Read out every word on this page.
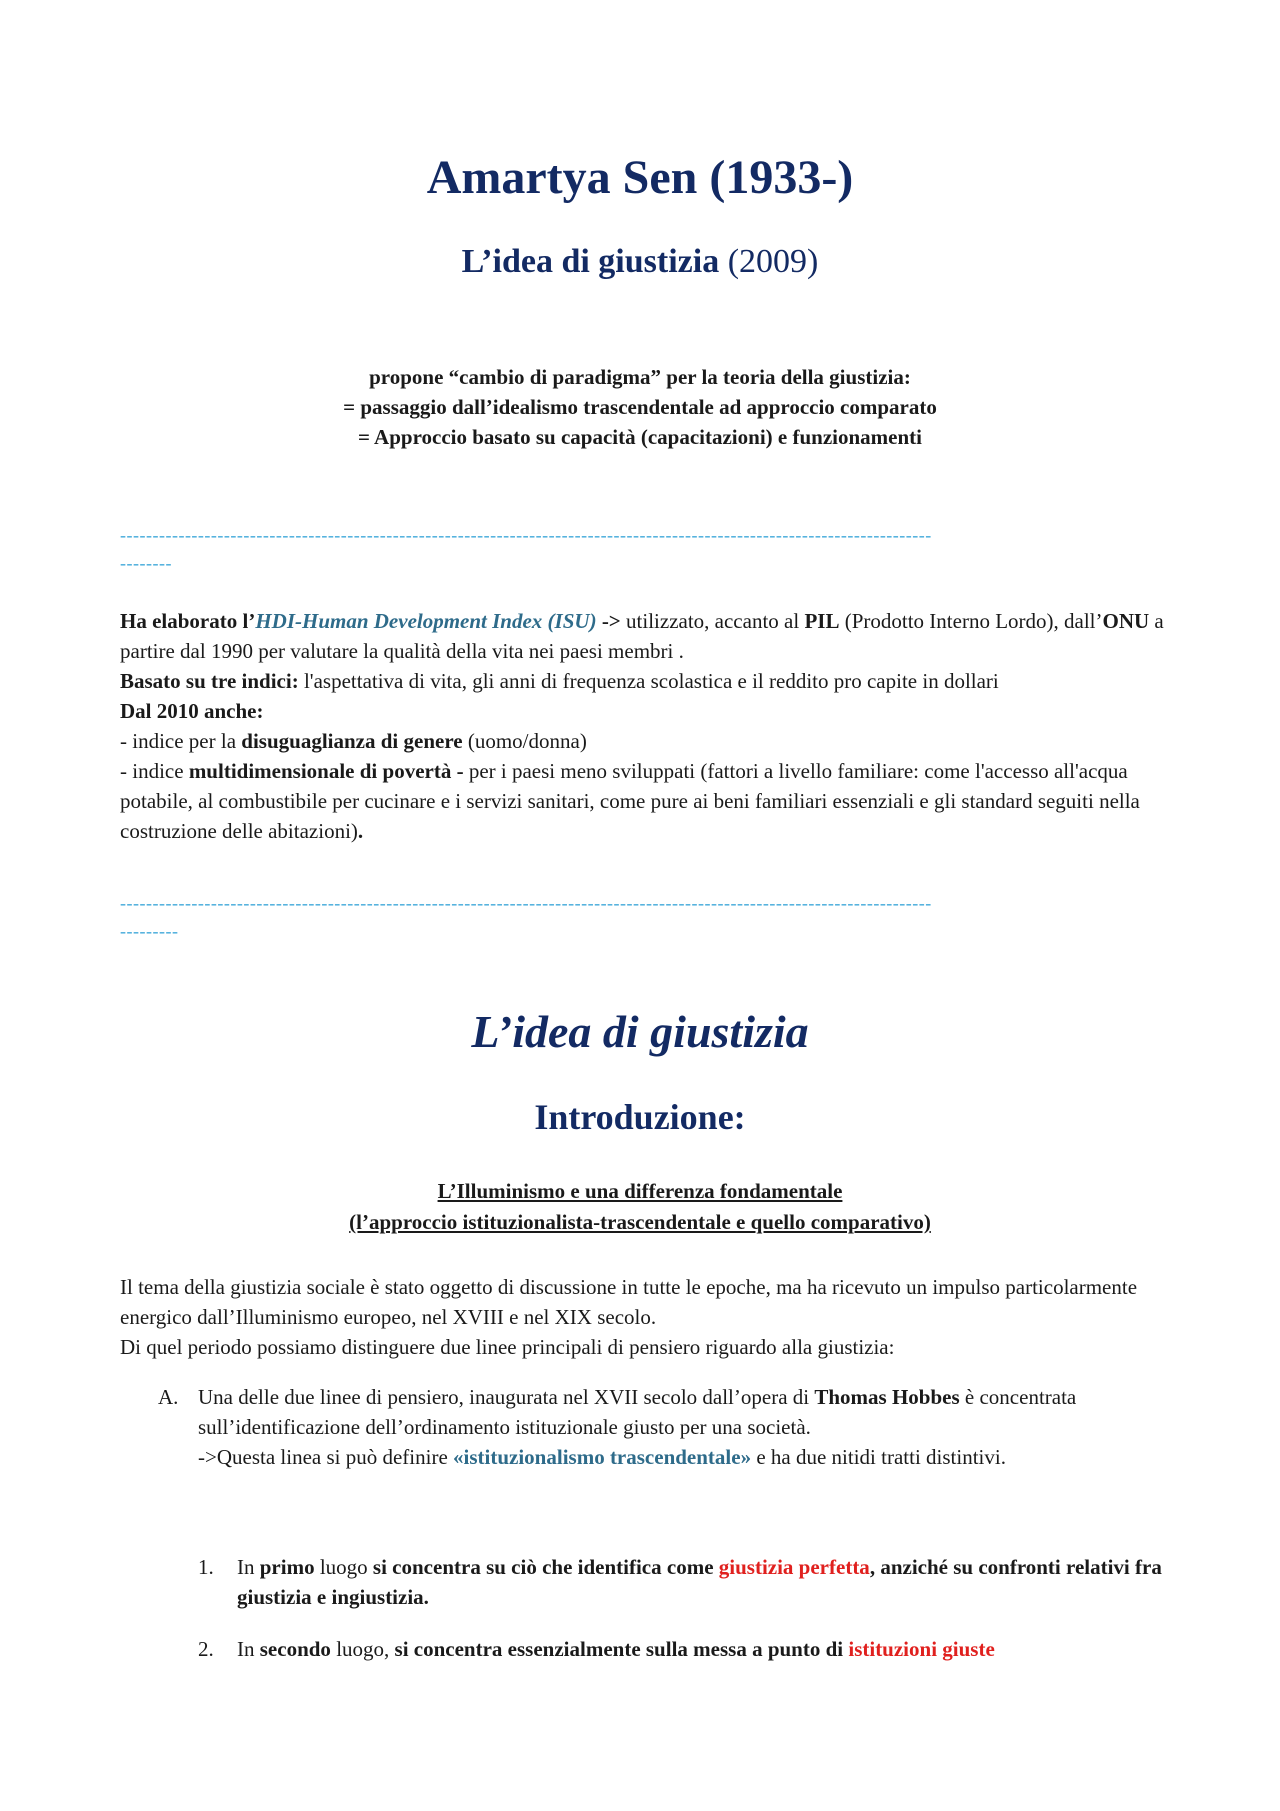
Amartya Sen (1933-)
L’idea di giustizia (2009)
propone “cambio di paradigma” per la teoria della giustizia:
= passaggio dall’idealismo trascendentale ad approccio comparato
= Approccio basato su capacità (capacitazioni) e funzionamenti
-----------------------------------------------------------------------------------------------------------------------------
--------
Ha elaborato l’HDI-Human Development Index (ISU) -> utilizzato, accanto al PIL (Prodotto Interno Lordo), dall’ONU a partire dal 1990 per valutare la qualità della vita nei paesi membri .
Basato su tre indici: l'aspettativa di vita, gli anni di frequenza scolastica e il reddito pro capite in dollari
Dal 2010 anche:
- indice per la disuguaglianza di genere (uomo/donna)
- indice multidimensionale di povertà - per i paesi meno sviluppati (fattori a livello familiare: come l'accesso all'acqua potabile, al combustibile per cucinare e i servizi sanitari, come pure ai beni familiari essenziali e gli standard seguiti nella costruzione delle abitazioni).
-----------------------------------------------------------------------------------------------------------------------------
---------
L’idea di giustizia
Introduzione:
L’Illuminismo e una differenza fondamentale
(l’approccio istituzionalista-trascendentale e quello comparativo)
Il tema della giustizia sociale è stato oggetto di discussione in tutte le epoche, ma ha ricevuto un impulso particolarmente energico dall’Illuminismo europeo, nel XVIII e nel XIX secolo.
Di quel periodo possiamo distinguere due linee principali di pensiero riguardo alla giustizia:
A. Una delle due linee di pensiero, inaugurata nel XVII secolo dall’opera di Thomas Hobbes è concentrata sull’identificazione dell’ordinamento istituzionale giusto per una società.
->Questa linea si può definire «istituzionalismo trascendentale» e ha due nitidi tratti distintivi.
1. In primo luogo si concentra su ciò che identifica come giustizia perfetta, anziché su confronti relativi fra giustizia e ingiustizia.
2. In secondo luogo, si concentra essenzialmente sulla messa a punto di istituzioni giuste
